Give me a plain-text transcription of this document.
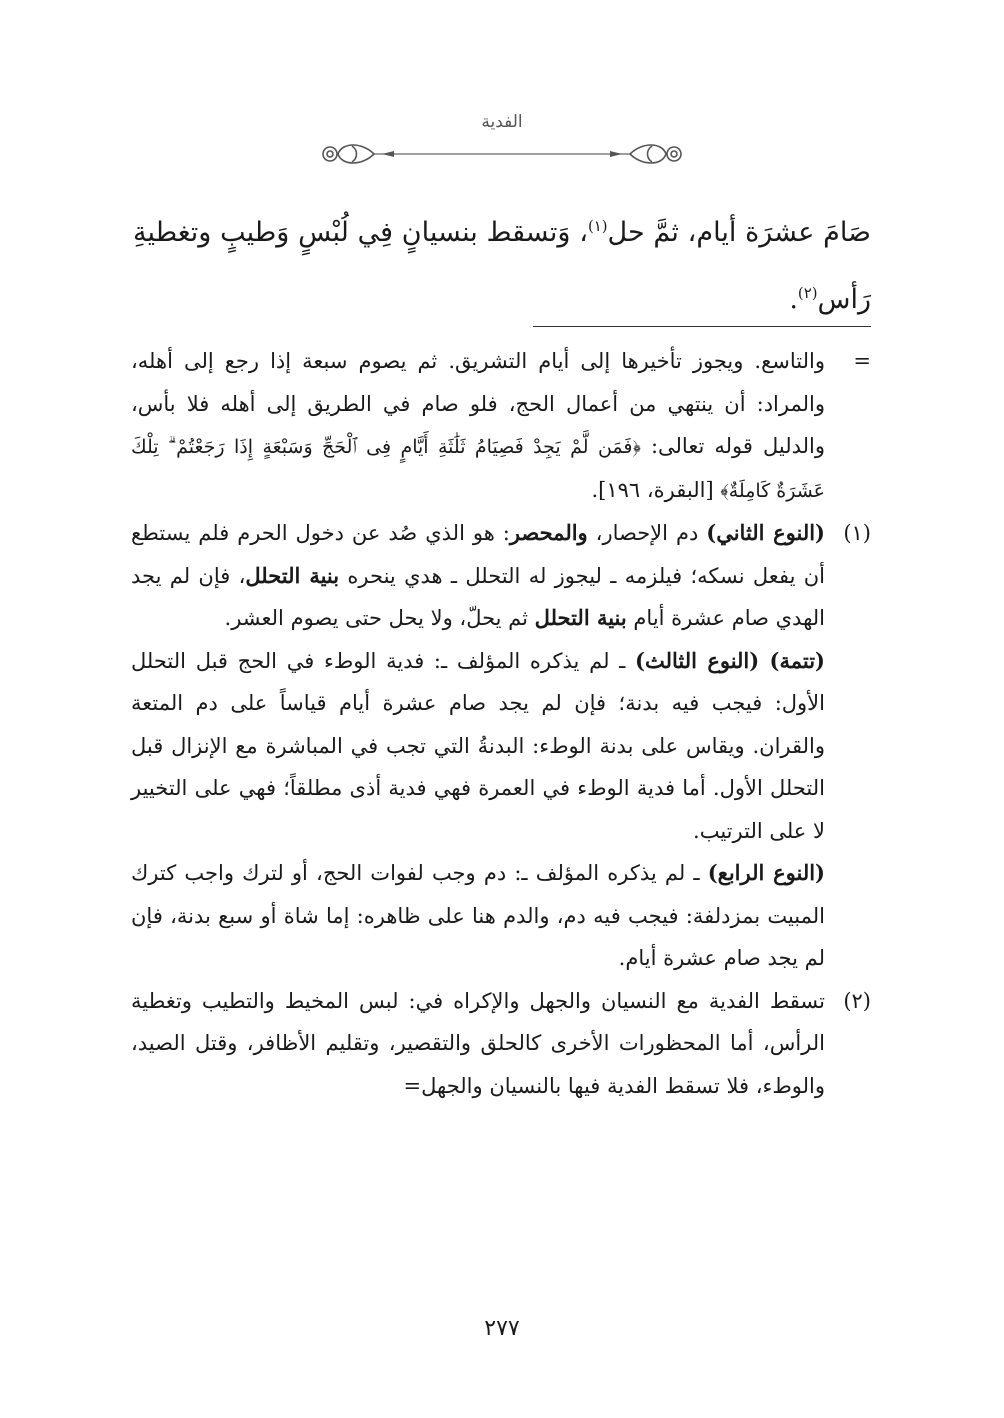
الفدية

صَامَ عشرَة أيام، ثمَّ حل$^{(١)}$، وَتسقط بنسيانٍ فِي لُبْسٍ وَطيبٍ وتغطيةِ رَأس$^{(٢)}$.

=
والتاسع. ويجوز تأخيرها إلى أيام التشريق. ثم يصوم سبعة إذا رجع إلى أهله، والمراد: أن ينتهي من أعمال الحج، فلو صام في الطريق إلى أهله فلا بأس، والدليل قوله تعالى: ﴿فَمَن لَّمْ يَجِدْ فَصِيَامُ ثَلَٰثَةِ أَيَّامٍ فِى ٱلْحَجِّ وَسَبْعَةٍ إِذَا رَجَعْتُمْ ۗ تِلْكَ عَشَرَةٌ كَامِلَةٌ﴾ [البقرة، ١٩٦].
(١)
(النوع الثاني) دم الإحصار، والمحصر: هو الذي صُد عن دخول الحرم فلم يستطع أن يفعل نسكه؛ فيلزمه ـ ليجوز له التحلل ـ هدي ينحره بنية التحلل، فإن لم يجد الهدي صام عشرة أيام بنية التحلل ثم يحلّ، ولا يحل حتى يصوم العشر.

(تتمة) (النوع الثالث) ـ لم يذكره المؤلف ـ: فدية الوطء في الحج قبل التحلل الأول: فيجب فيه بدنة؛ فإن لم يجد صام عشرة أيام قياساً على دم المتعة والقران. ويقاس على بدنة الوطء: البدنةُ التي تجب في المباشرة مع الإنزال قبل التحلل الأول. أما فدية الوطء في العمرة فهي فدية أذى مطلقاً؛ فهي على التخيير لا على الترتيب.

(النوع الرابع) ـ لم يذكره المؤلف ـ: دم وجب لفوات الحج، أو لترك واجب كترك المبيت بمزدلفة: فيجب فيه دم، والدم هنا على ظاهره: إما شاة أو سبع بدنة، فإن لم يجد صام عشرة أيام.

(٢)
تسقط الفدية مع النسيان والجهل والإكراه في: لبس المخيط والتطيب وتغطية الرأس، أما المحظورات الأخرى كالحلق والتقصير، وتقليم الأظافر، وقتل الصيد، والوطء، فلا تسقط الفدية فيها بالنسيان والجهل=
٢٧٧
